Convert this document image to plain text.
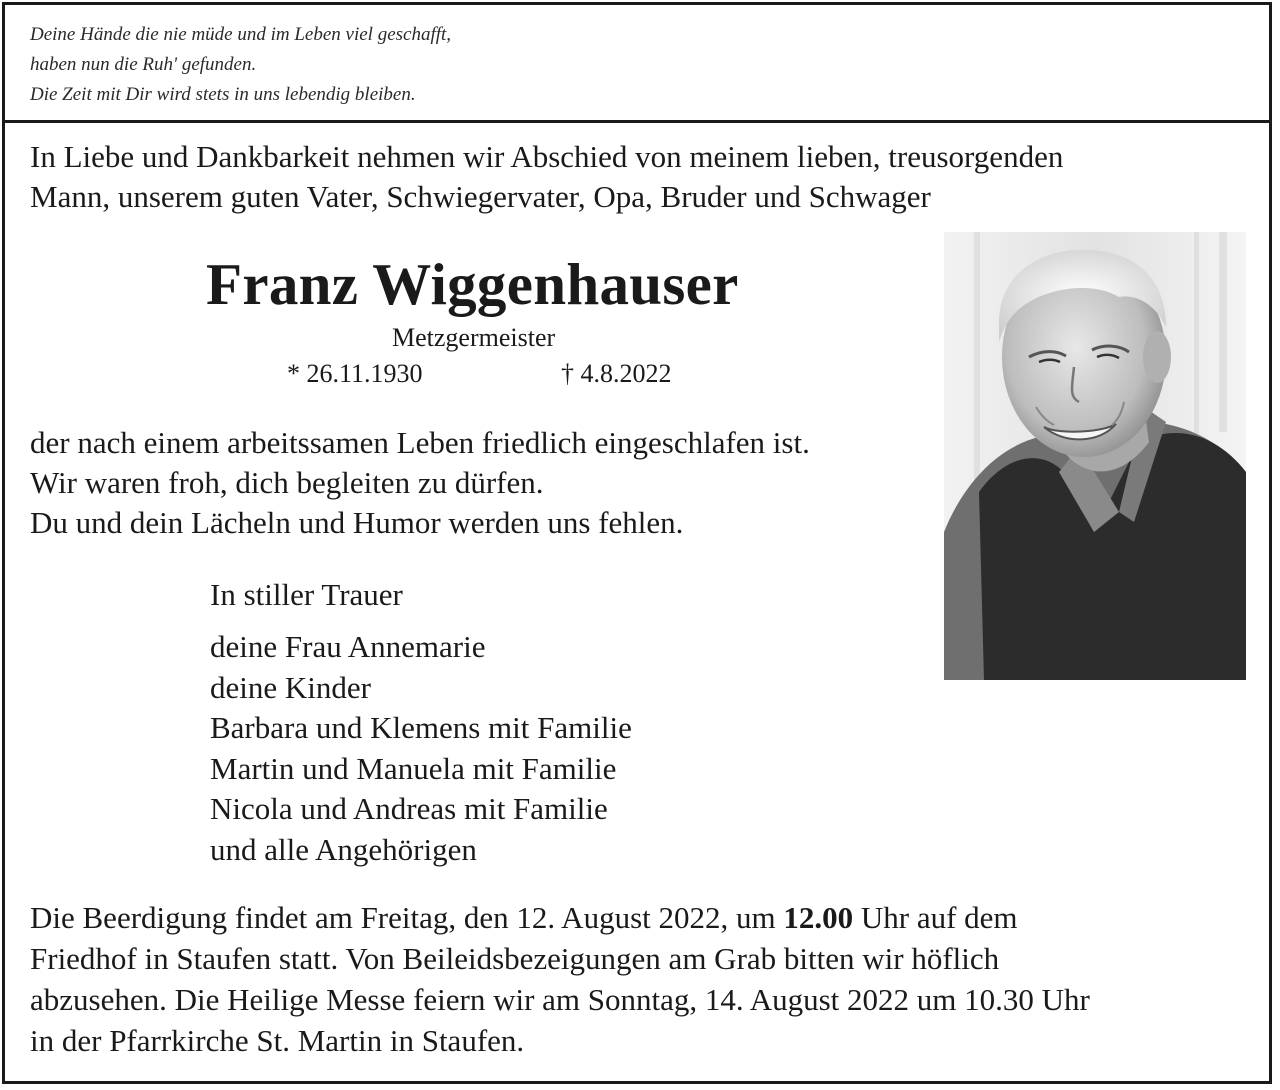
Deine Hände die nie müde und im Leben viel geschafft,
haben nun die Ruh' gefunden.
Die Zeit mit Dir wird stets in uns lebendig bleiben.
In Liebe und Dankbarkeit nehmen wir Abschied von meinem lieben, treusorgenden
Mann, unserem guten Vater, Schwiegervater, Opa, Bruder und Schwager
Franz Wiggenhauser
Metzgermeister
* 26.11.1930	† 4.8.2022
der nach einem arbeitssamen Leben friedlich eingeschlafen ist.
Wir waren froh, dich begleiten zu dürfen.
Du und dein Lächeln und Humor werden uns fehlen.
In stiller Trauer
deine Frau Annemarie
deine Kinder
Barbara und Klemens mit Familie
Martin und Manuela mit Familie
Nicola und Andreas mit Familie
und alle Angehörigen
Die Beerdigung findet am Freitag, den 12. August 2022, um 12.00 Uhr auf dem
Friedhof in Staufen statt. Von Beileidsbezeigungen am Grab bitten wir höflich
abzusehen. Die Heilige Messe feiern wir am Sonntag, 14. August 2022 um 10.30 Uhr
in der Pfarrkirche St. Martin in Staufen.
